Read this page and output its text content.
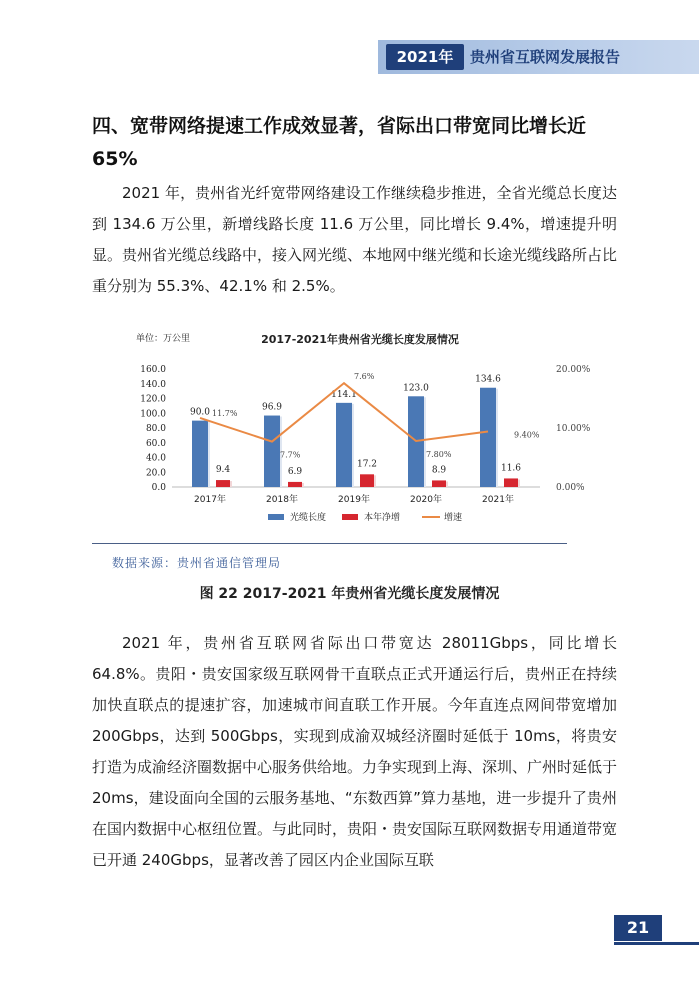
2021年	贵州省互联网发展报告
四、宽带网络提速工作成效显著，省际出口带宽同比增长近65%
2021 年，贵州省光纤宽带网络建设工作继续稳步推进，全省光缆总长度达到 134.6 万公里，新增线路长度 11.6 万公里，同比增长 9.4%，增速提升明显。贵州省光缆总线路中，接入网光缆、本地网中继光缆和长途光缆线路所占比重分别为 55.3%、42.1% 和 2.5%。
单位：万公里	2017-2021年贵州省光缆长度发展情况
0.0
20.0
40.0
60.0
80.0
100.0
120.0
140.0
160.0
0.00%
10.00%
20.00%
2017年	2018年	2019年	2020年	2021年
90.0
9.4
96.9
6.9
114.1
17.2
123.0
8.9
134.6
11.6
11.7%
7.7%
7.6%
7.80%
9.40%
光缆长度	本年净增	增速
数据来源：贵州省通信管理局
图 22 2017-2021 年贵州省光缆长度发展情况
2021 年，贵州省互联网省际出口带宽达 28011Gbps，同比增长 64.8%。贵阳・贵安国家级互联网骨干直联点正式开通运行后，贵州正在持续加快直联点的提速扩容，加速城市间直联工作开展。今年直连点网间带宽增加 200Gbps，达到 500Gbps，实现到成渝双城经济圈时延低于 10ms，将贵安打造为成渝经济圈数据中心服务供给地。力争实现到上海、深圳、广州时延低于 20ms，建设面向全国的云服务基地、“东数西算”算力基地，进一步提升了贵州在国内数据中心枢纽位置。与此同时，贵阳・贵安国际互联网数据专用通道带宽已开通 240Gbps，显著改善了园区内企业国际互联
21
